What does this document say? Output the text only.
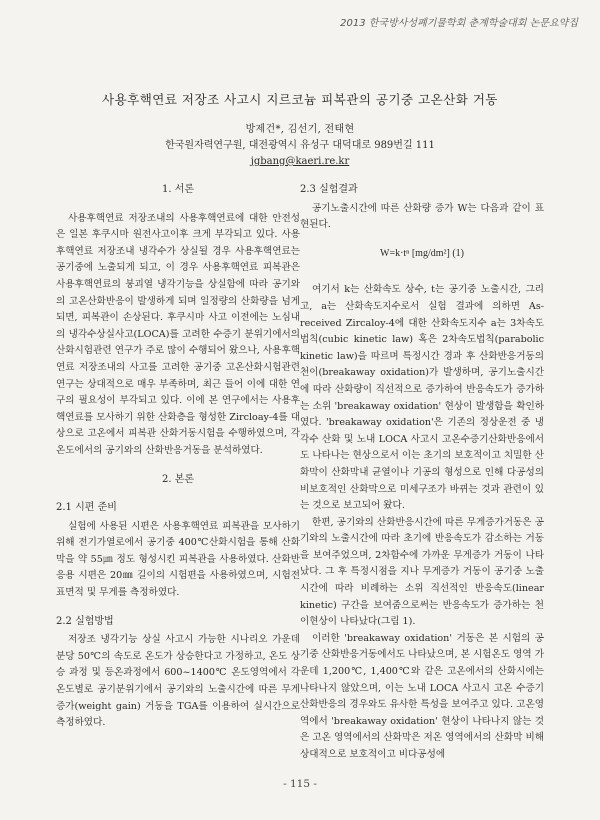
2013 한국방사성폐기물학회 춘계학술대회 논문요약집
사용후핵연료 저장조 사고시 지르코늄 피복관의 공기중 고온산화 거동
방제건*, 김선기, 전태현
한국원자력연구원, 대전광역시 유성구 대덕대로 989번길 111
jgbang@kaeri.re.kr
1. 서론

사용후핵연료 저장조내의 사용후핵연료에 대한 안전성은 일본 후쿠시마 원전사고이후 크게 부각되고 있다. 사용후핵연료 저장조내 냉각수가 상실될 경우 사용후핵연료는 공기중에 노출되게 되고, 이 경우 사용후핵연료 피복관은 사용후핵연료의 붕괴열 냉각기능을 상실함에 따라 공기와의 고온산화반응이 발생하게 되며 일정량의 산화량을 넘게 되면, 피복관이 손상된다. 후쿠시마 사고 이전에는 노심내의 냉각수상실사고(LOCA)를 고려한 수증기 분위기에서의 산화시험관련 연구가 주로 많이 수행되어 왔으나, 사용후핵연료 저장조내의 사고를 고려한 공기중 고온산화시험관련 연구는 상대적으로 매우 부족하며, 최근 들어 이에 대한 연구의 필요성이 부각되고 있다. 이에 본 연구에서는 사용후핵연료를 모사하기 위한 산화층을 형성한 Zircloay-4를 대상으로 고온에서 피복관 산화거동시험을 수행하였으며, 각 온도에서의 공기와의 산화반응거동을 분석하였다.

2. 본론
2.1 시편 준비

실험에 사용된 시편은 사용후핵연료 피복관을 모사하기 위해 전기가열로에서 공기중 400℃산화시험을 통해 산화막을 약 55㎛ 정도 형성시킨 피복관을 사용하였다. 산화반응용 시편은 20㎜ 길이의 시험편을 사용하였으며, 시험전 표면적 및 무게를 측정하였다.

2.2 실험방법

저장조 냉각기능 상실 사고시 가능한 시나리오 가운데 분당 50℃의 속도로 온도가 상승한다고 가정하고, 온도 상승 과정 및 등온과정에서 600~1400℃ 온도영역에서 각 온도별로 공기분위기에서 공기와의 노출시간에 따른 무게증가(weight gain) 거동을 TGA를 이용하여 실시간으로 측정하였다.

2.3 실험결과

공기노출시간에 따른 산화량 증가 W는 다음과 같이 표현된다.

W=k·tⁿ [mg/dm²] (1)

여기서 k는 산화속도 상수, t는 공기중 노출시간, 그리고, a는 산화속도지수로서 실험 결과에 의하면 As-received Zircaloy-4에 대한 산화속도지수 a는 3차속도법칙(cubic kinetic law) 혹은 2차속도법칙(parabolic kinetic law)을 따르며 특정시간 경과 후 산화반응거동의 천이(breakaway oxidation)가 발생하며, 공기노출시간에 따라 산화량이 직선적으로 증가하여 반응속도가 증가하는 소위 'breakaway oxidation' 현상이 발생함을 확인하였다. 'breakaway oxidation'은 기존의 정상운전 중 냉각수 산화 및 노내 LOCA 사고시 고온수증기산화반응에서도 나타나는 현상으로서 이는 초기의 보호적이고 치밀한 산화막이 산화막내 균열이나 기공의 형성으로 인해 다공성의 비보호적인 산화막으로 미세구조가 바뀌는 것과 관련이 있는 것으로 보고되어 왔다.

한편, 공기와의 산화반응시간에 따른 무게증가거동은 공기와의 노출시간에 따라 초기에 반응속도가 감소하는 거동을 보여주었으며, 2차함수에 가까운 무게증가 거동이 나타났다. 그 후 특정시점을 지나 무게증가 거동이 공기중 노출시간에 따라 비례하는 소위 직선적인 반응속도(linear kinetic) 구간을 보여줌으로써는 반응속도가 증가하는 천이현상이 나타났다(그림 1).

이러한 'breakaway oxidation' 거동은 본 시험의 공기중 산화반응거동에서도 나타났으며, 본 시험온도 영역 가운데 1,200℃, 1,400℃와 같은 고온에서의 산화시에는 나타나지 않았으며, 이는 노내 LOCA 사고시 고온 수증기산화반응의 경우와도 유사한 특성을 보여주고 있다. 고온영역에서 'breakaway oxidation' 현상이 나타나지 않는 것은 고온 영역에서의 산화막은 저온 영역에서의 산화막 비해 상대적으로 보호적이고 비다공성에

- 115 -
